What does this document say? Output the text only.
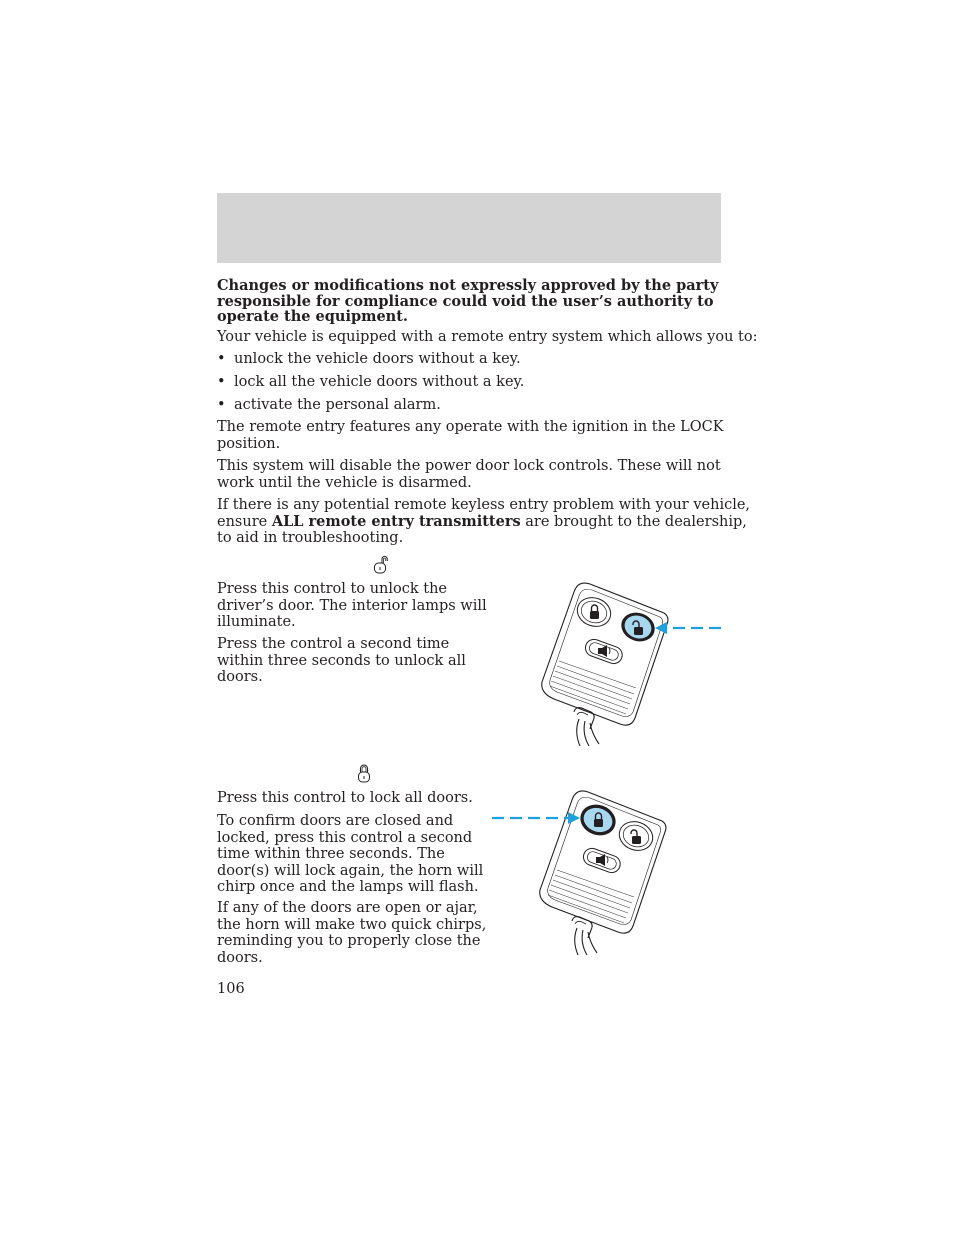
Changes or modifications not expressly approved by the party
responsible for compliance could void the user’s authority to
operate the equipment.
Your vehicle is equipped with a remote entry system which allows you to:
• unlock the vehicle doors without a key.
• lock all the vehicle doors without a key.
• activate the personal alarm.
The remote entry features any operate with the ignition in the LOCK
position.
This system will disable the power door lock controls. These will not
work until the vehicle is disarmed.
If there is any potential remote keyless entry problem with your vehicle,
ensure ALL remote entry transmitters are brought to the dealership,
to aid in troubleshooting.
Press this control to unlock the
driver’s door. The interior lamps will
illuminate.
Press the control a second time
within three seconds to unlock all
doors.
Press this control to lock all doors.
To confirm doors are closed and
locked, press this control a second
time within three seconds. The
door(s) will lock again, the horn will
chirp once and the lamps will flash.
If any of the doors are open or ajar,
the horn will make two quick chirps,
reminding you to properly close the
doors.
106
